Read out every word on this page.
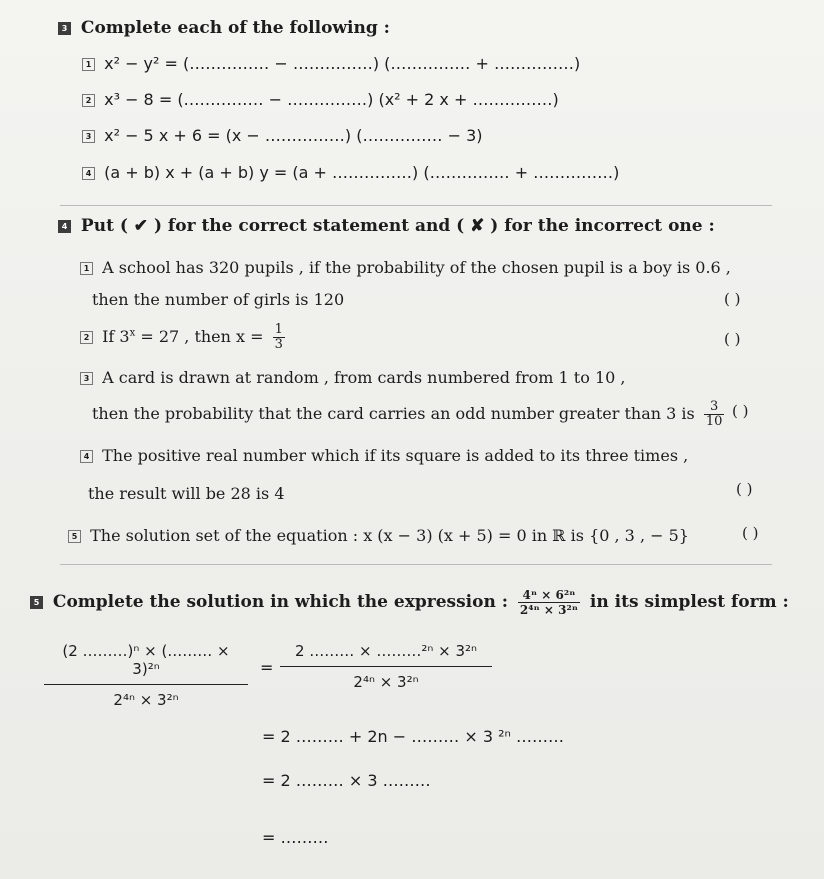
3 Complete each of the following :
1 x² − y² = (…………… − ……………) (…………… + ……………)
2 x³ − 8 = (…………… − ……………) (x² + 2 x + ……………)
3 x² − 5 x + 6 = (x − ……………) (…………… − 3)
4 (a + b) x + (a + b) y = (a + ……………) (…………… + ……………)
4 Put ( ✔ ) for the correct statement and ( ✘ ) for the incorrect one :
1 A school has 320 pupils , if the probability of the chosen pupil is a boy is 0.6 ,
then the number of girls is 120	( )
2 If $3^x = 27$ , then $x = \frac{1}{3}$	( )
3 A card is drawn at random , from cards numbered from 1 to 10 ,
then the probability that the card carries an odd number greater than 3 is $\frac{3}{10}$ ( )
4 The positive real number which if its square is added to its three times ,
the result will be 28 is 4	( )
5 The solution set of the equation : x (x − 3) (x + 5) = 0 in ℝ is {0 , 3 , − 5}	( )
5 Complete the solution in which the expression : $\frac{\text{4ⁿ × 6²ⁿ}}{\text{2⁴ⁿ × 3²ⁿ}}$ in its simplest form :
$\frac{\text{(2 ………)ⁿ × (……… × 3)²ⁿ}}{\text{2⁴ⁿ × 3²ⁿ}} = \frac{\text{2 ……… × ………²ⁿ × 3²ⁿ}}{\text{2⁴ⁿ × 3²ⁿ}}$
= 2 ……… + 2n − ……… × 3 ²ⁿ ………
= 2 ……… × 3 ………
= ………
